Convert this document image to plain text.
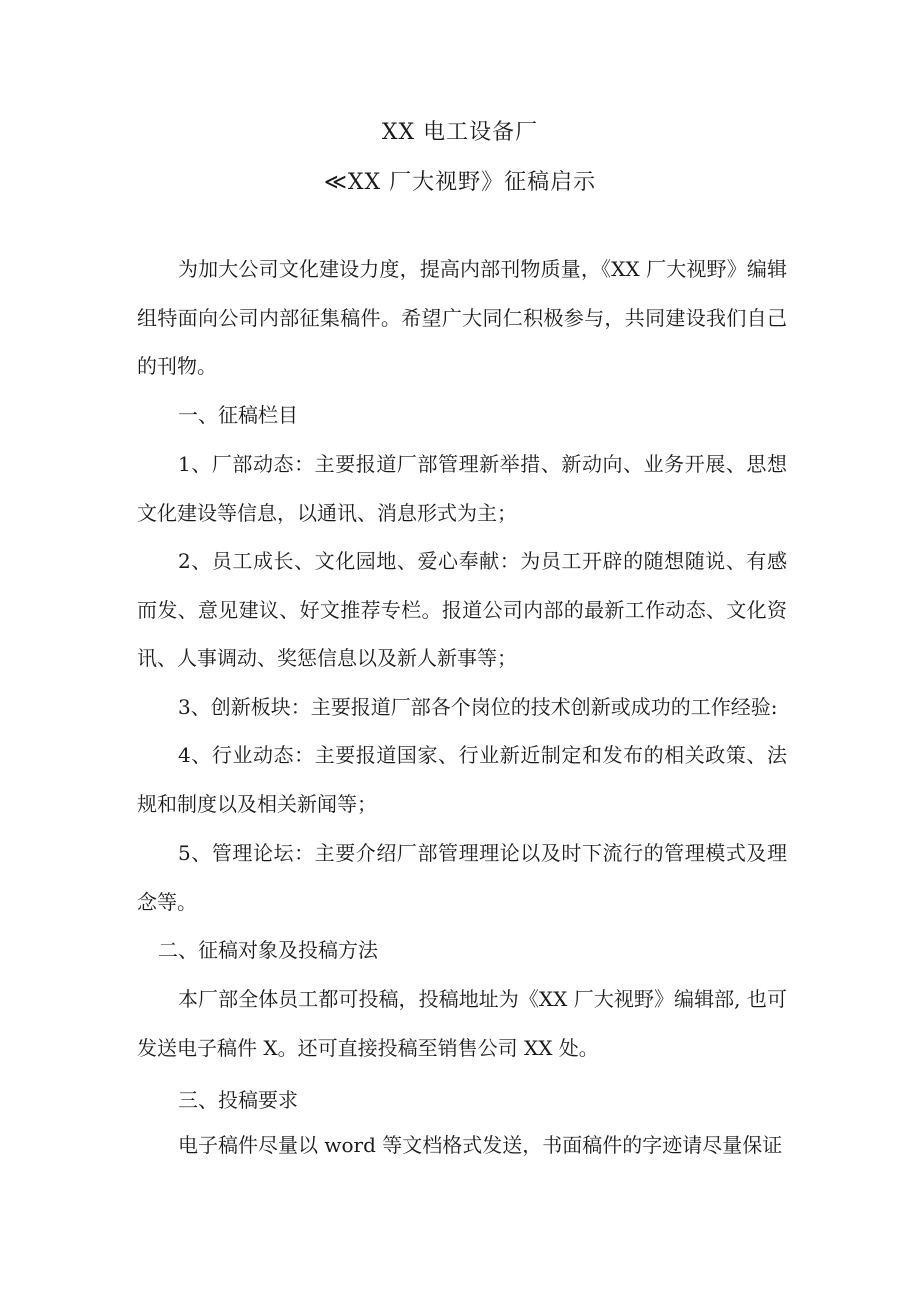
XX 电工设备厂
≪XX 厂大视野》征稿启示
为加大公司文化建设力度，提高内部刊物质量，《XX 厂大视野》编辑组特面向公司内部征集稿件。希望广大同仁积极参与，共同建设我们自己的刊物。
一、征稿栏目
1、厂部动态：主要报道厂部管理新举措、新动向、业务开展、思想文化建设等信息，以通讯、消息形式为主；
2、员工成长、文化园地、爱心奉献：为员工开辟的随想随说、有感而发、意见建议、好文推荐专栏。报道公司内部的最新工作动态、文化资讯、人事调动、奖惩信息以及新人新事等；
3、创新板块：主要报道厂部各个岗位的技术创新或成功的工作经验:
4、行业动态：主要报道国家、行业新近制定和发布的相关政策、法规和制度以及相关新闻等；
5、管理论坛：主要介绍厂部管理理论以及时下流行的管理模式及理念等。
二、征稿对象及投稿方法
本厂部全体员工都可投稿，投稿地址为《XX 厂大视野》编辑部, 也可发送电子稿件 X。还可直接投稿至销售公司 XX 处。
三、投稿要求
电子稿件尽量以 word 等文档格式发送，书面稿件的字迹请尽量保证
